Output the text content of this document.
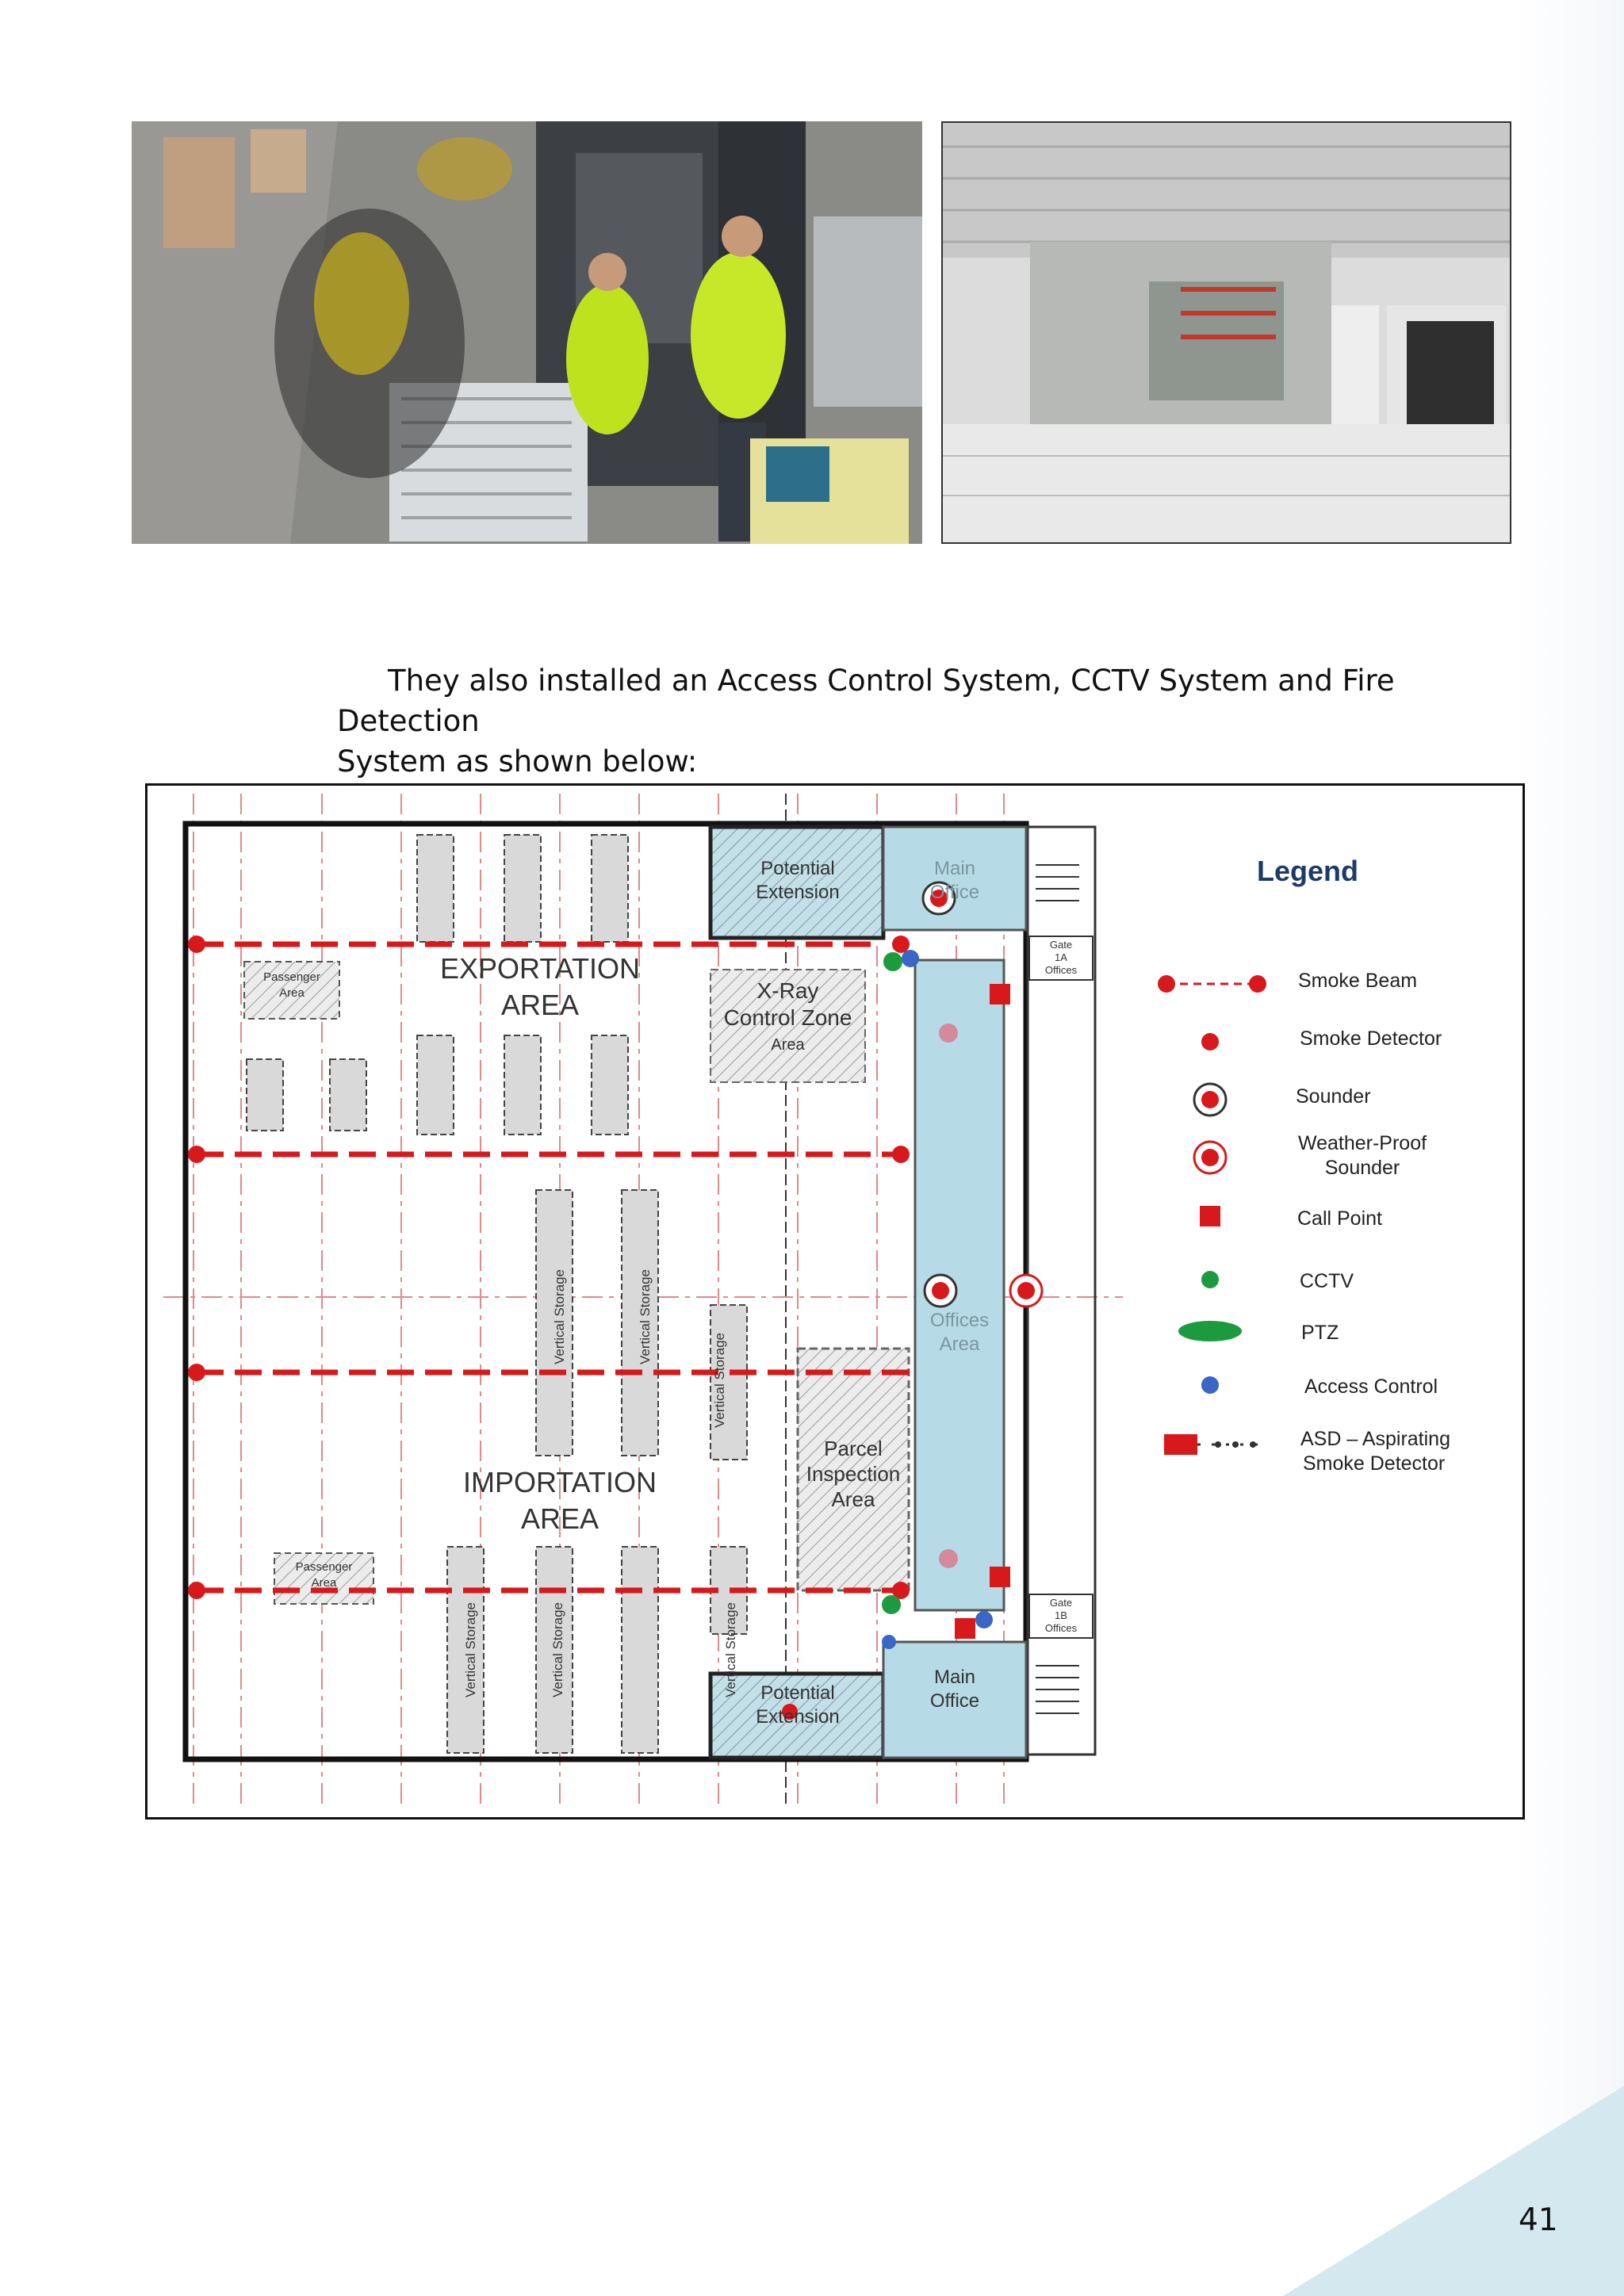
They also installed an Access Control System, CCTV System and Fire Detection
System as shown below:
EXPORTATION
AREA
IMPORTATION
AREA
X-Ray
Control Zone
Area
Potential
Extension
Main
Office
Offices
Area
Parcel
Inspection
Area
Potential
Extension
Main
Office
Passenger
Area
Passenger
Area
Gate
1A
Offices
Gate
1B
Offices
Vertical Storage	Vertical Storage
Vertical Storage
Vertical Storage
Vertical Storage	Vertical Storage
Legend
Smoke Beam
Smoke Detector
Sounder
Weather-Proof
Sounder
Call Point
CCTV
PTZ
Access Control
ASD – Aspirating
Smoke Detector
41
